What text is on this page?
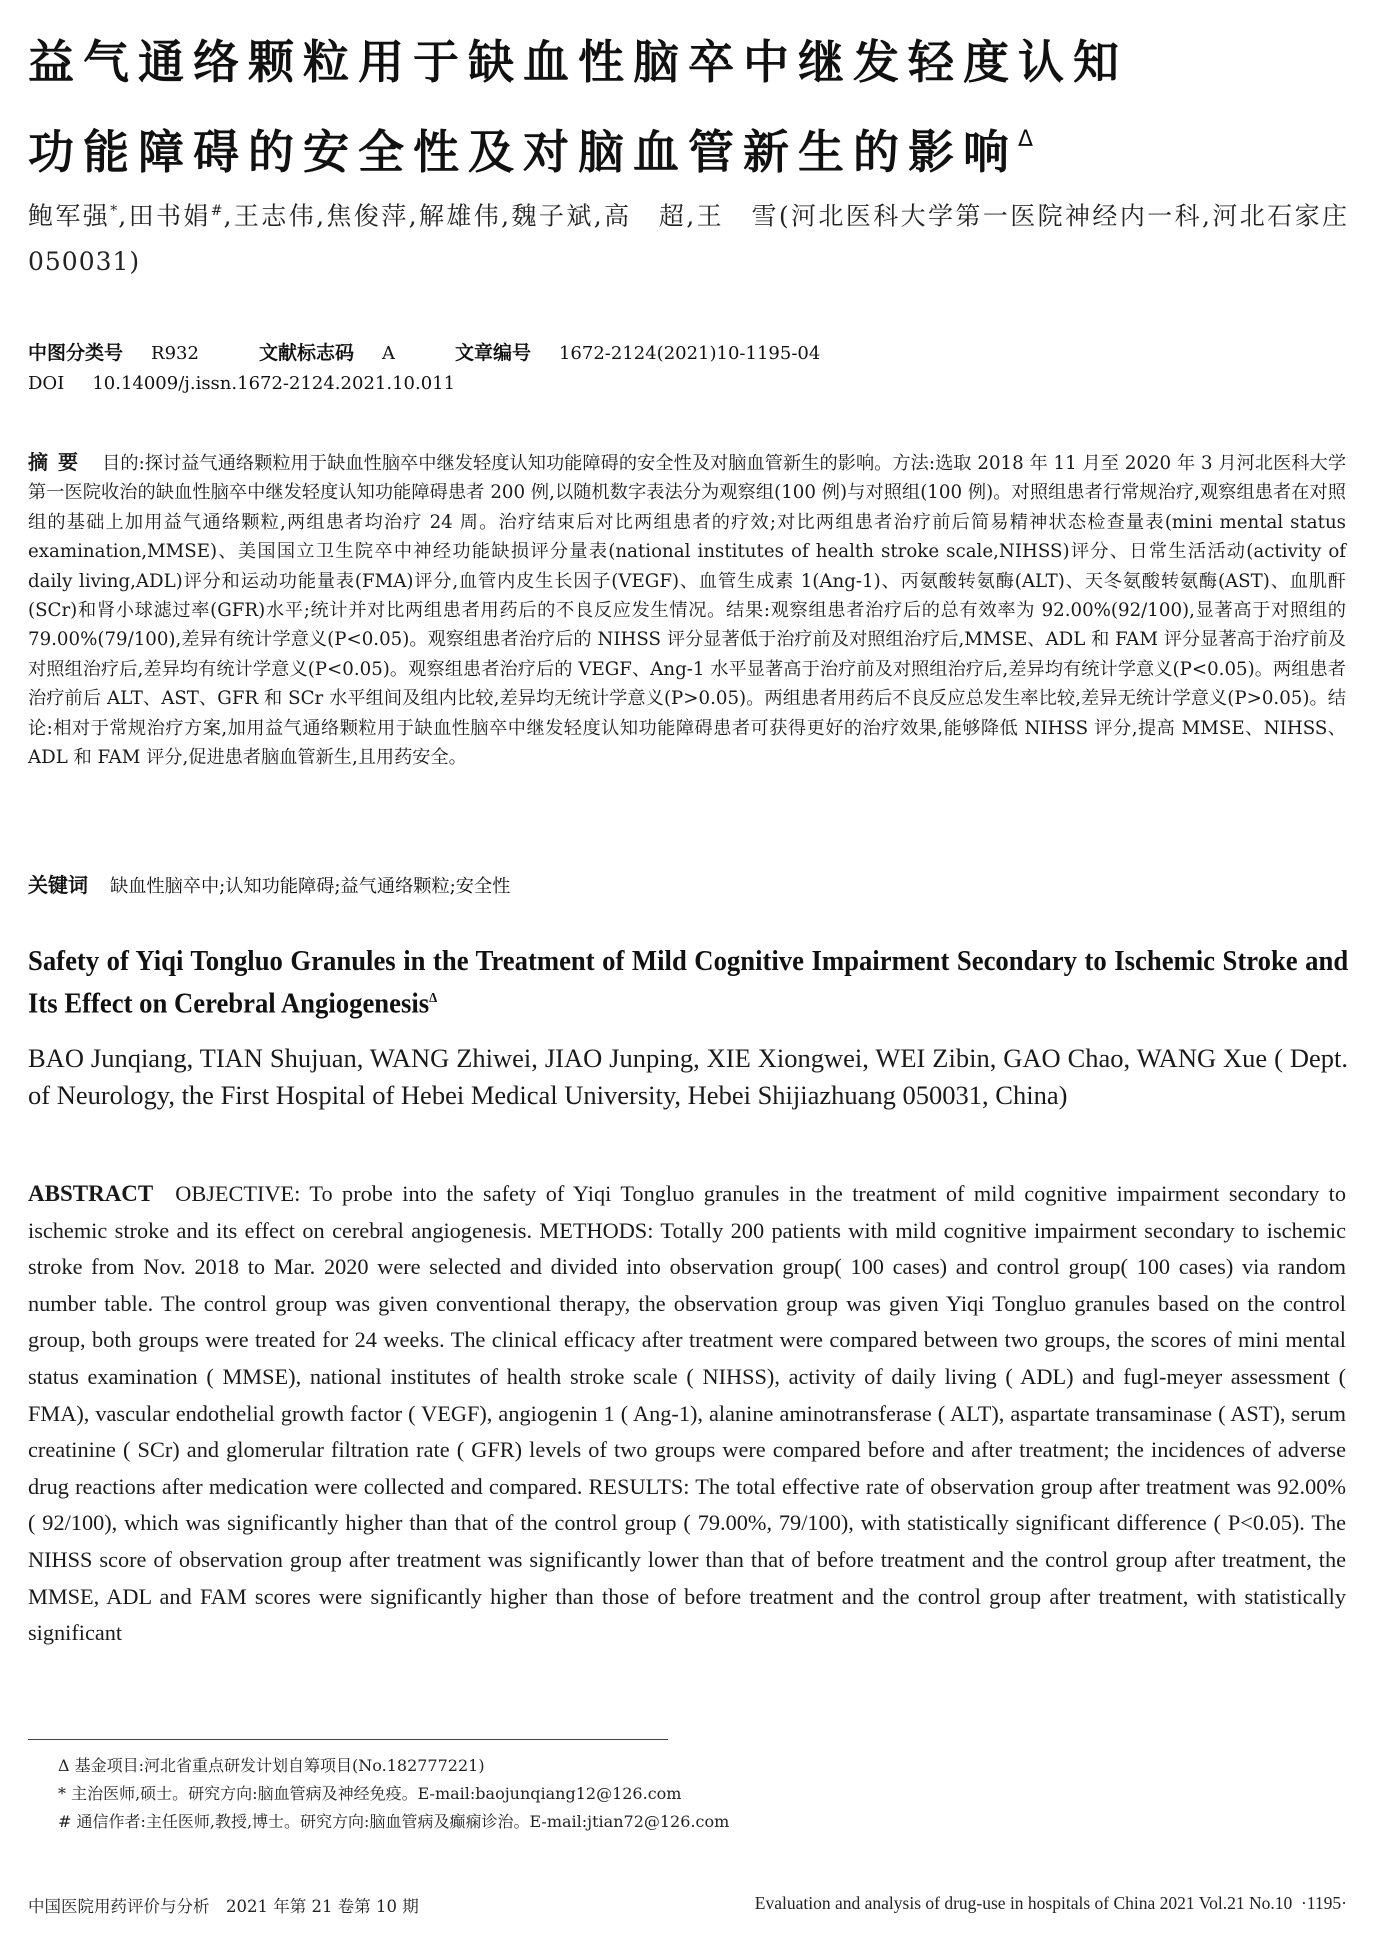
益气通络颗粒用于缺血性脑卒中继发轻度认知
功能障碍的安全性及对脑血管新生的影响$^\Delta$
鲍军强*,田书娟#,王志伟,焦俊萍,解雄伟,魏子斌,高　超,王　雪(河北医科大学第一医院神经内一科,河北石家庄　050031)
中图分类号 R932	文献标志码 A	文章编号 1672-2124(2021)10-1195-04
DOI 10.14009/j.issn.1672-2124.2021.10.011
摘要 目的:探讨益气通络颗粒用于缺血性脑卒中继发轻度认知功能障碍的安全性及对脑血管新生的影响。方法:选取 2018 年 11 月至 2020 年 3 月河北医科大学第一医院收治的缺血性脑卒中继发轻度认知功能障碍患者 200 例,以随机数字表法分为观察组(100 例)与对照组(100 例)。对照组患者行常规治疗,观察组患者在对照组的基础上加用益气通络颗粒,两组患者均治疗 24 周。治疗结束后对比两组患者的疗效;对比两组患者治疗前后简易精神状态检查量表(mini mental status examination,MMSE)、美国国立卫生院卒中神经功能缺损评分量表(national institutes of health stroke scale,NIHSS)评分、日常生活活动(activity of daily living,ADL)评分和运动功能量表(FMA)评分,血管内皮生长因子(VEGF)、血管生成素 1(Ang-1)、丙氨酸转氨酶(ALT)、天冬氨酸转氨酶(AST)、血肌酐(SCr)和肾小球滤过率(GFR)水平;统计并对比两组患者用药后的不良反应发生情况。结果:观察组患者治疗后的总有效率为 92.00%(92/100),显著高于对照组的 79.00%(79/100),差异有统计学意义(P<0.05)。观察组患者治疗后的 NIHSS 评分显著低于治疗前及对照组治疗后,MMSE、ADL 和 FAM 评分显著高于治疗前及对照组治疗后,差异均有统计学意义(P<0.05)。观察组患者治疗后的 VEGF、Ang-1 水平显著高于治疗前及对照组治疗后,差异均有统计学意义(P<0.05)。两组患者治疗前后 ALT、AST、GFR 和 SCr 水平组间及组内比较,差异均无统计学意义(P>0.05)。两组患者用药后不良反应总发生率比较,差异无统计学意义(P>0.05)。结论:相对于常规治疗方案,加用益气通络颗粒用于缺血性脑卒中继发轻度认知功能障碍患者可获得更好的治疗效果,能够降低 NIHSS 评分,提高 MMSE、NIHSS、ADL 和 FAM 评分,促进患者脑血管新生,且用药安全。
关键词 缺血性脑卒中;认知功能障碍;益气通络颗粒;安全性
Safety of Yiqi Tongluo Granules in the Treatment of Mild Cognitive Impairment Secondary to Ischemic Stroke and Its Effect on Cerebral Angiogenesis$^\Delta$
BAO Junqiang, TIAN Shujuan, WANG Zhiwei, JIAO Junping, XIE Xiongwei, WEI Zibin, GAO Chao, WANG Xue ( Dept. of Neurology, the First Hospital of Hebei Medical University, Hebei Shijiazhuang 050031, China)
ABSTRACT OBJECTIVE: To probe into the safety of Yiqi Tongluo granules in the treatment of mild cognitive impairment secondary to ischemic stroke and its effect on cerebral angiogenesis. METHODS: Totally 200 patients with mild cognitive impairment secondary to ischemic stroke from Nov. 2018 to Mar. 2020 were selected and divided into observation group( 100 cases) and control group( 100 cases) via random number table. The control group was given conventional therapy, the observation group was given Yiqi Tongluo granules based on the control group, both groups were treated for 24 weeks. The clinical efficacy after treatment were compared between two groups, the scores of mini mental status examination ( MMSE), national institutes of health stroke scale ( NIHSS), activity of daily living ( ADL) and fugl-meyer assessment ( FMA), vascular endothelial growth factor ( VEGF), angiogenin 1 ( Ang-1), alanine aminotransferase ( ALT), aspartate transaminase ( AST), serum creatinine ( SCr) and glomerular filtration rate ( GFR) levels of two groups were compared before and after treatment; the incidences of adverse drug reactions after medication were collected and compared. RESULTS: The total effective rate of observation group after treatment was 92.00% ( 92/100), which was significantly higher than that of the control group ( 79.00%, 79/100), with statistically significant difference ( P<0.05). The NIHSS score of observation group after treatment was significantly lower than that of before treatment and the control group after treatment, the MMSE, ADL and FAM scores were significantly higher than those of before treatment and the control group after treatment, with statistically significant
Δ 基金项目:河北省重点研发计划自筹项目(No.182777221)
* 主治医师,硕士。研究方向:脑血管病及神经免疫。E-mail:baojunqiang12@126.com
# 通信作者:主任医师,教授,博士。研究方向:脑血管病及癫痫诊治。E-mail:jtian72@126.com
中国医院用药评价与分析　2021 年第 21 卷第 10 期	Evaluation and analysis of drug-use in hospitals of China 2021 Vol.21 No.10 ·1195·
